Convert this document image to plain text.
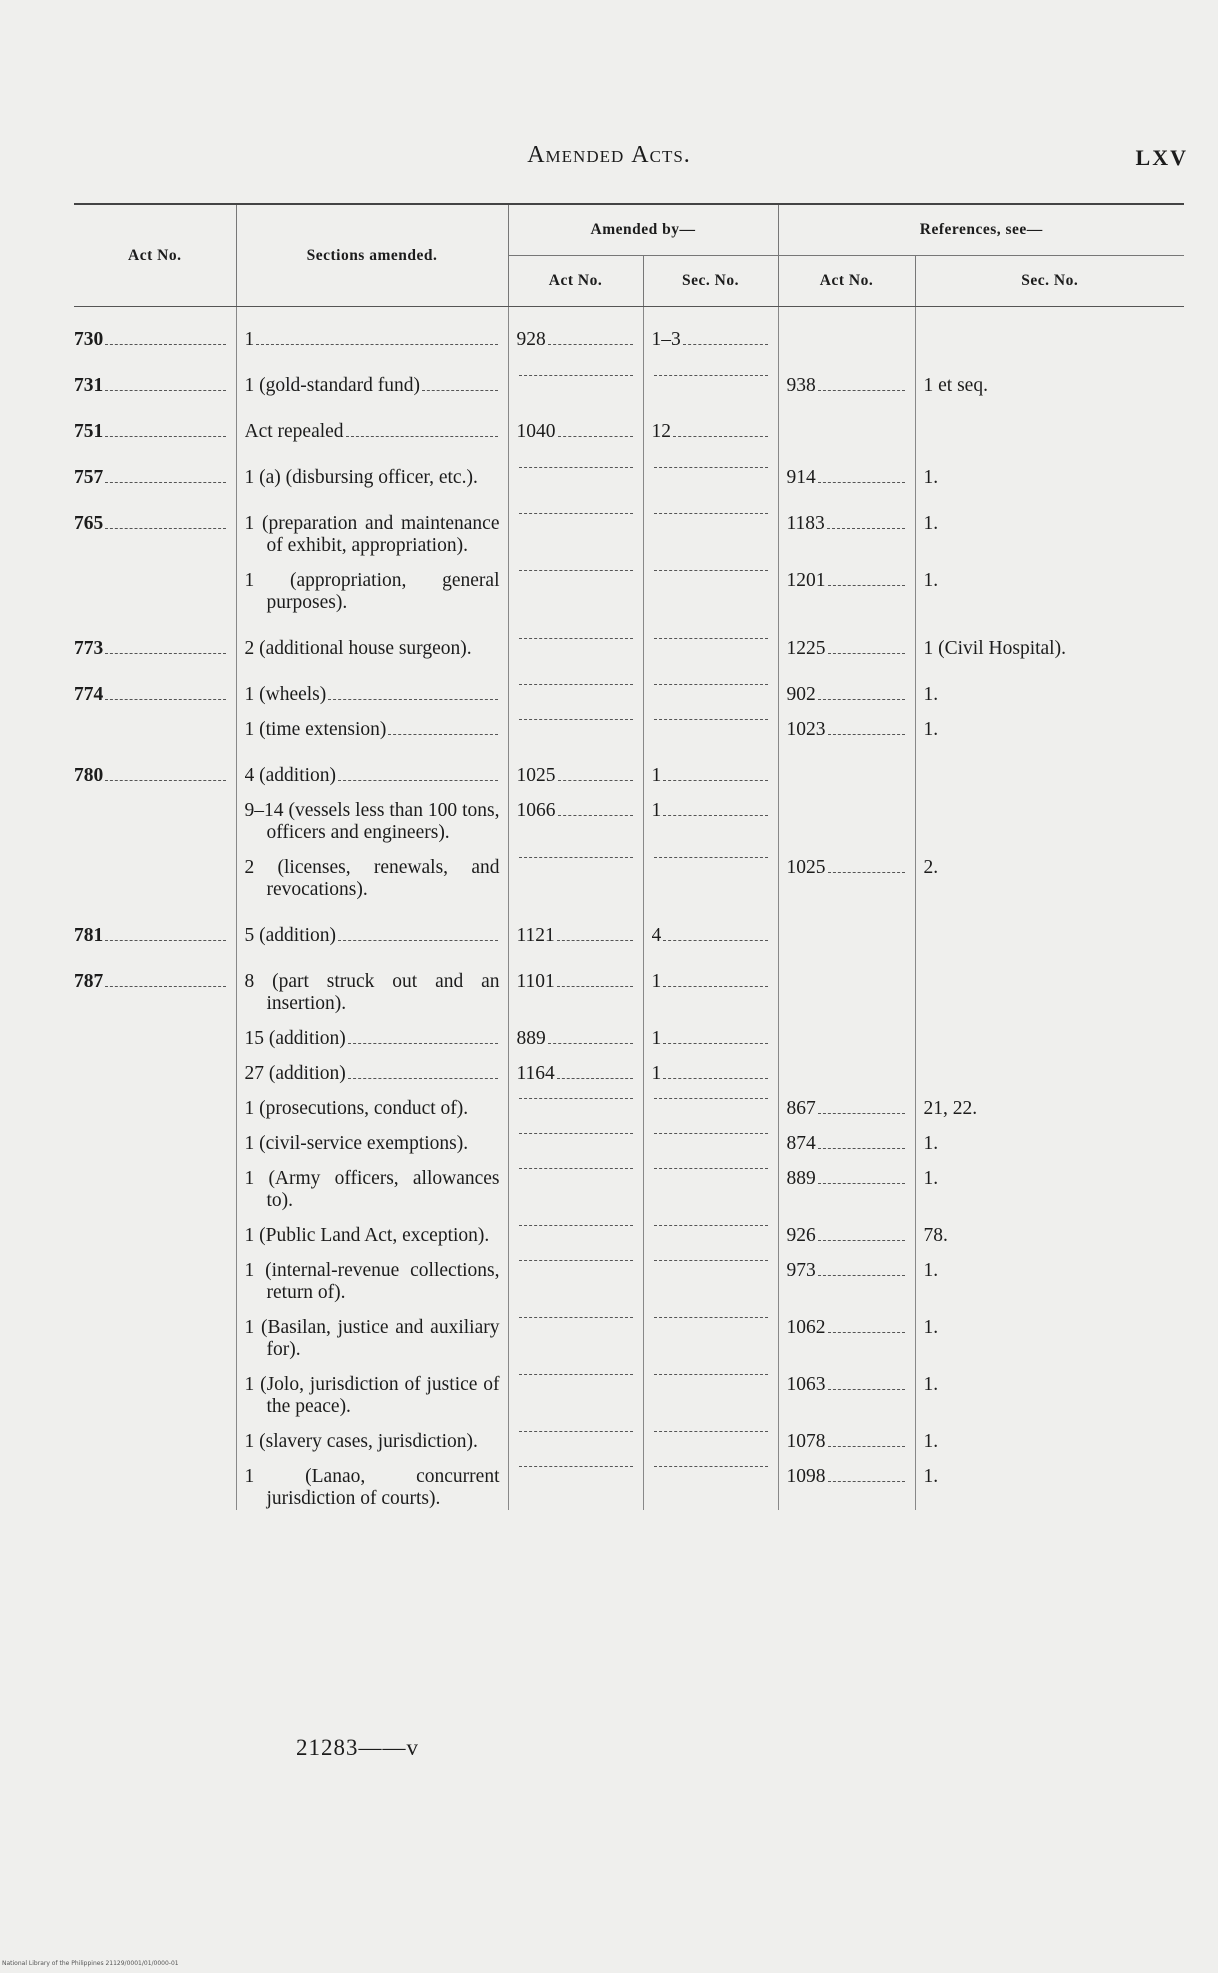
Amended Acts.	LXV
Act No.	Sections amended.	Amended by—		References, see—	
		Act No.	Sec. No.	Act No.	Sec. No.

730	1	928	1–3		

731	1 (gold-standard fund)			938	1 et seq.

751	Act repealed	1040	12		

757	1 (a) (disbursing officer, etc.).			914	1.

765	1 (preparation and maintenance of exhibit, appropriation).			1183	1.

	1 (appropriation, general purposes).			1201	1.

773	2 (additional house surgeon).			1225	1 (Civil Hospital).

774	1 (wheels)			902	1.

	1 (time extension)			1023	1.

780	4 (addition)	1025	1		

	9–14 (vessels less than 100 tons, officers and engineers).	1066	1		

	2 (licenses, renewals, and revocations).			1025	2.

781	5 (addition)	1121	4		

787	8 (part struck out and an insertion).	1101	1		

	15 (addition)	889	1		

	27 (addition)	1164	1		

	1 (prosecutions, conduct of).			867	21, 22.

	1 (civil-service exemptions).			874	1.

	1 (Army officers, allowances to).			889	1.

	1 (Public Land Act, exception).			926	78.

	1 (internal-revenue collections, return of).			973	1.

	1 (Basilan, justice and auxiliary for).			1062	1.

	1 (Jolo, jurisdiction of justice of the peace).			1063	1.

	1 (slavery cases, jurisdiction).			1078	1.

	1 (Lanao, concurrent jurisdiction of courts).			1098	1.
21283——v
National Library of the Philippines 21129/0001/01/0000-01
